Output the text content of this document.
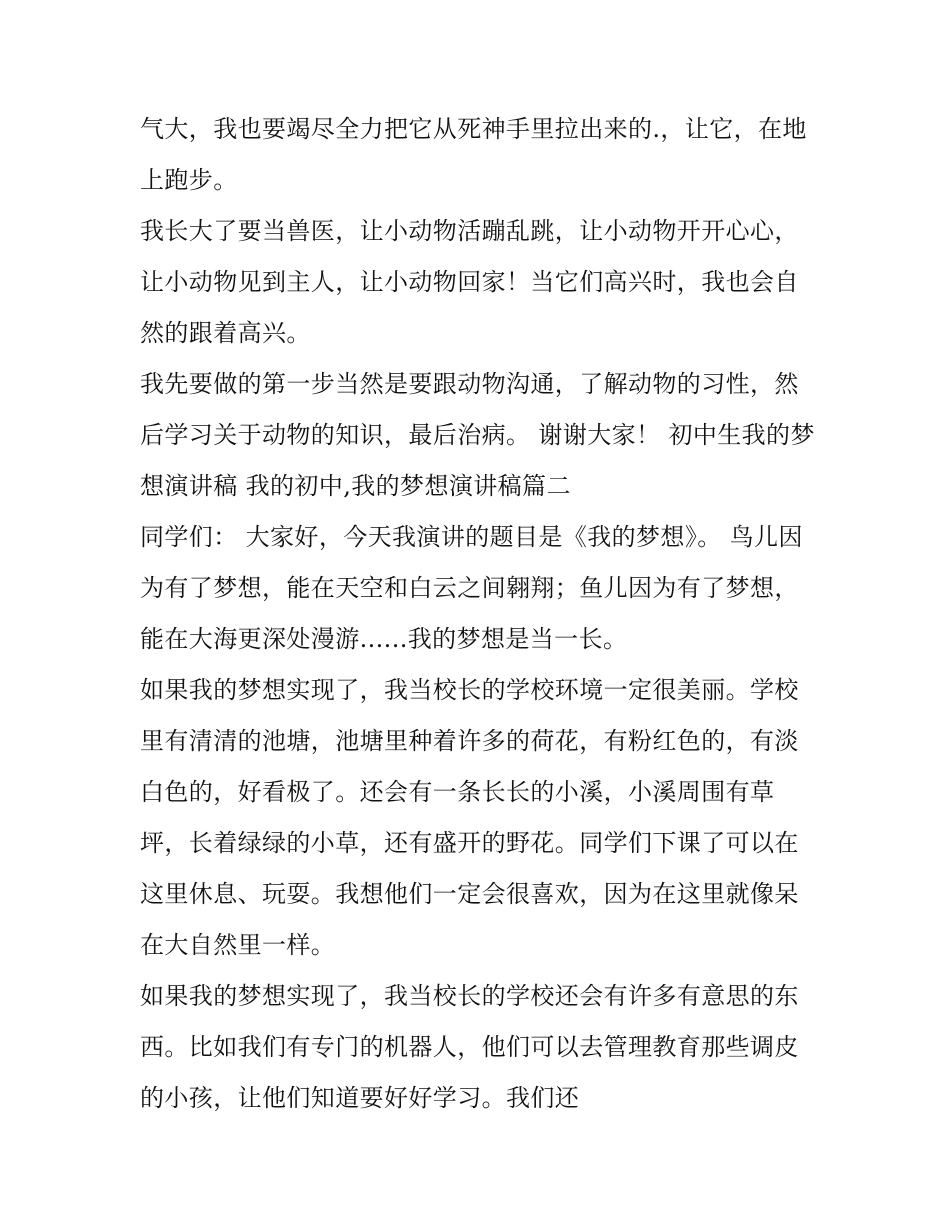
气大，我也要竭尽全力把它从死神手里拉出来的.，让它，在地上跑步。

我长大了要当兽医，让小动物活蹦乱跳，让小动物开开心心，让小动物见到主人，让小动物回家！当它们高兴时，我也会自然的跟着高兴。

我先要做的第一步当然是要跟动物沟通，了解动物的习性，然后学习关于动物的知识，最后治病。 谢谢大家！ 初中生我的梦想演讲稿 我的初中,我的梦想演讲稿篇二

同学们： 大家好，今天我演讲的题目是《我的梦想》。 鸟儿因为有了梦想，能在天空和白云之间翱翔；鱼儿因为有了梦想，能在大海更深处漫游......我的梦想是当一长。

如果我的梦想实现了，我当校长的学校环境一定很美丽。学校里有清清的池塘，池塘里种着许多的荷花，有粉红色的，有淡白色的，好看极了。还会有一条长长的小溪，小溪周围有草坪，长着绿绿的小草，还有盛开的野花。同学们下课了可以在这里休息、玩耍。我想他们一定会很喜欢，因为在这里就像呆在大自然里一样。

如果我的梦想实现了，我当校长的学校还会有许多有意思的东西。比如我们有专门的机器人，他们可以去管理教育那些调皮的小孩，让他们知道要好好学习。我们还
